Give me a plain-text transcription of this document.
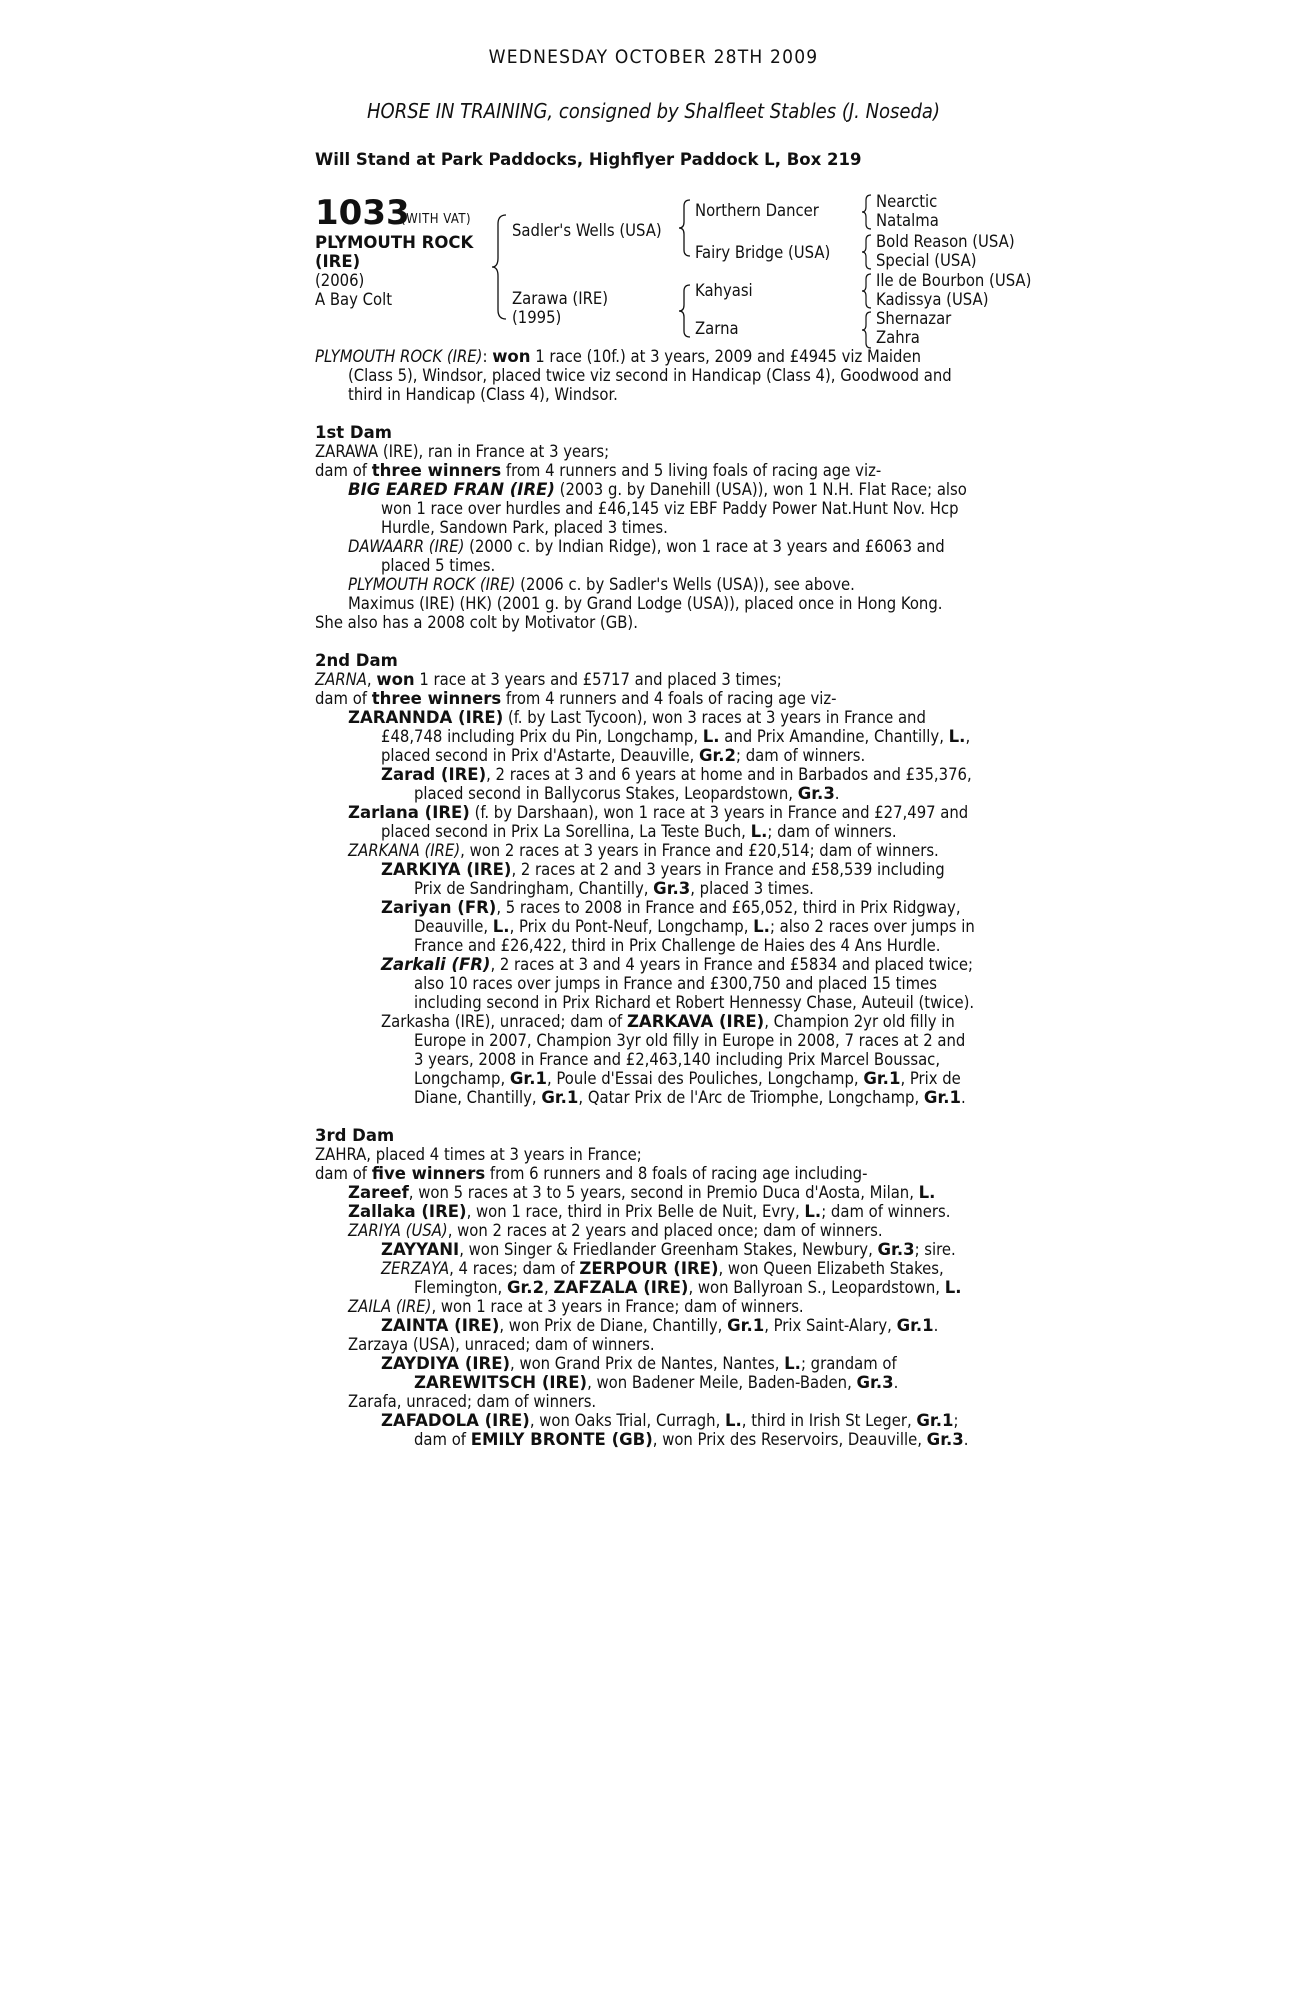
WEDNESDAY OCTOBER 28TH 2009
HORSE IN TRAINING, consigned by Shalfleet Stables (J. Noseda)
Will Stand at Park Paddocks, Highflyer Paddock L, Box 219
1033
(WITH VAT)
PLYMOUTH ROCK
(IRE)
(2006)
A Bay Colt
Sadler's Wells (USA)
Zarawa (IRE)
(1995)
Northern Dancer
Fairy Bridge (USA)
Kahyasi
Zarna
Nearctic
Natalma
Bold Reason (USA)
Special (USA)
Ile de Bourbon (USA)
Kadissya (USA)
Shernazar
Zahra
PLYMOUTH ROCK (IRE): won 1 race (10f.) at 3 years, 2009 and £4945 viz Maiden
(Class 5), Windsor, placed twice viz second in Handicap (Class 4), Goodwood and
third in Handicap (Class 4), Windsor.
1st Dam
ZARAWA (IRE), ran in France at 3 years;
dam of three winners from 4 runners and 5 living foals of racing age viz-
BIG EARED FRAN (IRE) (2003 g. by Danehill (USA)), won 1 N.H. Flat Race; also
won 1 race over hurdles and £46,145 viz EBF Paddy Power Nat.Hunt Nov. Hcp
Hurdle, Sandown Park, placed 3 times.
DAWAARR (IRE) (2000 c. by Indian Ridge), won 1 race at 3 years and £6063 and
placed 5 times.
PLYMOUTH ROCK (IRE) (2006 c. by Sadler's Wells (USA)), see above.
Maximus (IRE) (HK) (2001 g. by Grand Lodge (USA)), placed once in Hong Kong.
She also has a 2008 colt by Motivator (GB).
2nd Dam
ZARNA, won 1 race at 3 years and £5717 and placed 3 times;
dam of three winners from 4 runners and 4 foals of racing age viz-
ZARANNDA (IRE) (f. by Last Tycoon), won 3 races at 3 years in France and
£48,748 including Prix du Pin, Longchamp, L. and Prix Amandine, Chantilly, L.,
placed second in Prix d'Astarte, Deauville, Gr.2; dam of winners.
Zarad (IRE), 2 races at 3 and 6 years at home and in Barbados and £35,376,
placed second in Ballycorus Stakes, Leopardstown, Gr.3.
Zarlana (IRE) (f. by Darshaan), won 1 race at 3 years in France and £27,497 and
placed second in Prix La Sorellina, La Teste Buch, L.; dam of winners.
ZARKANA (IRE), won 2 races at 3 years in France and £20,514; dam of winners.
ZARKIYA (IRE), 2 races at 2 and 3 years in France and £58,539 including
Prix de Sandringham, Chantilly, Gr.3, placed 3 times.
Zariyan (FR), 5 races to 2008 in France and £65,052, third in Prix Ridgway,
Deauville, L., Prix du Pont-Neuf, Longchamp, L.; also 2 races over jumps in
France and £26,422, third in Prix Challenge de Haies des 4 Ans Hurdle.
Zarkali (FR), 2 races at 3 and 4 years in France and £5834 and placed twice;
also 10 races over jumps in France and £300,750 and placed 15 times
including second in Prix Richard et Robert Hennessy Chase, Auteuil (twice).
Zarkasha (IRE), unraced; dam of ZARKAVA (IRE), Champion 2yr old filly in
Europe in 2007, Champion 3yr old filly in Europe in 2008, 7 races at 2 and
3 years, 2008 in France and £2,463,140 including Prix Marcel Boussac,
Longchamp, Gr.1, Poule d'Essai des Pouliches, Longchamp, Gr.1, Prix de
Diane, Chantilly, Gr.1, Qatar Prix de l'Arc de Triomphe, Longchamp, Gr.1.
3rd Dam
ZAHRA, placed 4 times at 3 years in France;
dam of five winners from 6 runners and 8 foals of racing age including-
Zareef, won 5 races at 3 to 5 years, second in Premio Duca d'Aosta, Milan, L.
Zallaka (IRE), won 1 race, third in Prix Belle de Nuit, Evry, L.; dam of winners.
ZARIYA (USA), won 2 races at 2 years and placed once; dam of winners.
ZAYYANI, won Singer & Friedlander Greenham Stakes, Newbury, Gr.3; sire.
ZERZAYA, 4 races; dam of ZERPOUR (IRE), won Queen Elizabeth Stakes,
Flemington, Gr.2, ZAFZALA (IRE), won Ballyroan S., Leopardstown, L.
ZAILA (IRE), won 1 race at 3 years in France; dam of winners.
ZAINTA (IRE), won Prix de Diane, Chantilly, Gr.1, Prix Saint-Alary, Gr.1.
Zarzaya (USA), unraced; dam of winners.
ZAYDIYA (IRE), won Grand Prix de Nantes, Nantes, L.; grandam of
ZAREWITSCH (IRE), won Badener Meile, Baden-Baden, Gr.3.
Zarafa, unraced; dam of winners.
ZAFADOLA (IRE), won Oaks Trial, Curragh, L., third in Irish St Leger, Gr.1;
dam of EMILY BRONTE (GB), won Prix des Reservoirs, Deauville, Gr.3.
